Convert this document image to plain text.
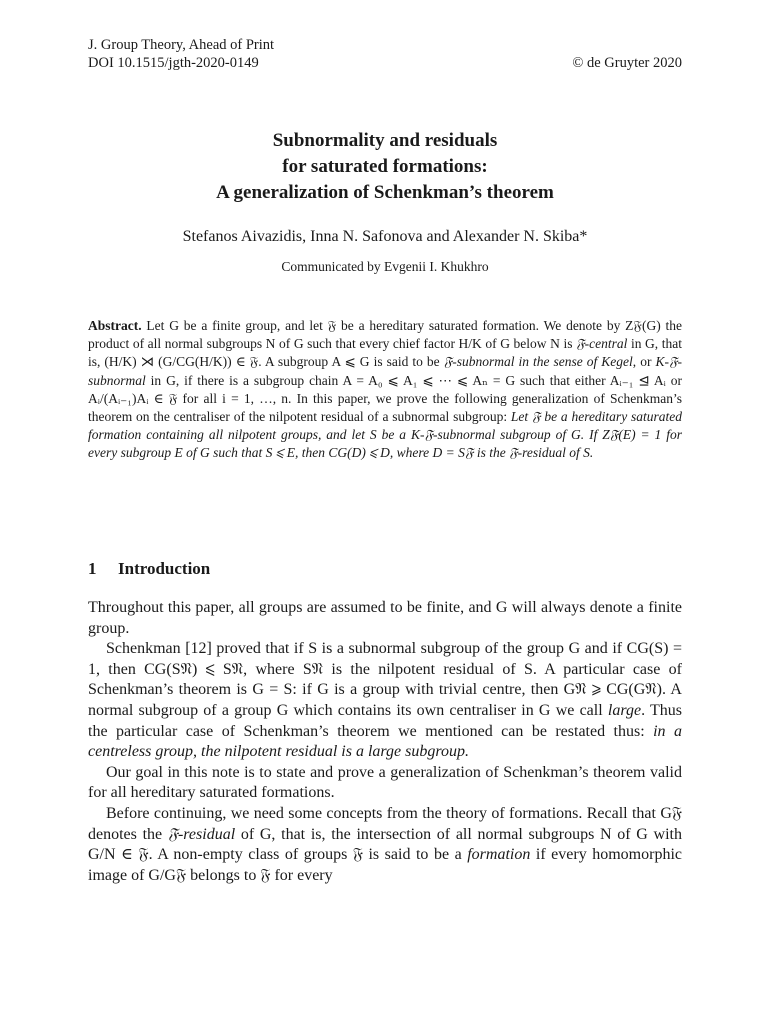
J. Group Theory, Ahead of Print
DOI 10.1515/jgth-2020-0149	© de Gruyter 2020
Subnormality and residuals
for saturated formations:
A generalization of Schenkman’s theorem
Stefanos Aivazidis, Inna N. Safonova and Alexander N. Skiba*
Communicated by Evgenii I. Khukhro
Abstract. Let G be a finite group, and let 𝔉 be a hereditary saturated formation. We denote by Z𝔉(G) the product of all normal subgroups N of G such that every chief factor H/K of G below N is 𝔉-central in G, that is, (H/K) ⋊ (G/CG(H/K)) ∈ 𝔉. A subgroup A ⩽ G is said to be 𝔉-subnormal in the sense of Kegel, or K-𝔉-subnormal in G, if there is a subgroup chain A = A₀ ⩽ A₁ ⩽ ⋯ ⩽ Aₙ = G such that either Aᵢ₋₁ ⊴ Aᵢ or Aᵢ/(Aᵢ₋₁)Aᵢ ∈ 𝔉 for all i = 1, …, n. In this paper, we prove the following generalization of Schenkman’s theorem on the centraliser of the nilpotent residual of a subnormal subgroup: Let 𝔉 be a hereditary saturated formation containing all nilpotent groups, and let S be a K-𝔉-subnormal subgroup of G. If Z𝔉(E) = 1 for every subgroup E of G such that S ⩽ E, then CG(D) ⩽ D, where D = S𝔉 is the 𝔉-residual of S.
1 Introduction

Throughout this paper, all groups are assumed to be finite, and G will always denote a finite group.

Schenkman [12] proved that if S is a subnormal subgroup of the group G and if CG(S) = 1, then CG(S𝔑) ⩽ S𝔑, where S𝔑 is the nilpotent residual of S. A particular case of Schenkman’s theorem is G = S: if G is a group with trivial centre, then G𝔑 ⩾ CG(G𝔑). A normal subgroup of a group G which contains its own centraliser in G we call large. Thus the particular case of Schenkman’s theorem we mentioned can be restated thus: in a centreless group, the nilpotent residual is a large subgroup.

Our goal in this note is to state and prove a generalization of Schenkman’s theorem valid for all hereditary saturated formations.

Before continuing, we need some concepts from the theory of formations. Recall that G𝔉 denotes the 𝔉-residual of G, that is, the intersection of all normal subgroups N of G with G/N ∈ 𝔉. A non-empty class of groups 𝔉 is said to be a formation if every homomorphic image of G/G𝔉 belongs to 𝔉 for every
